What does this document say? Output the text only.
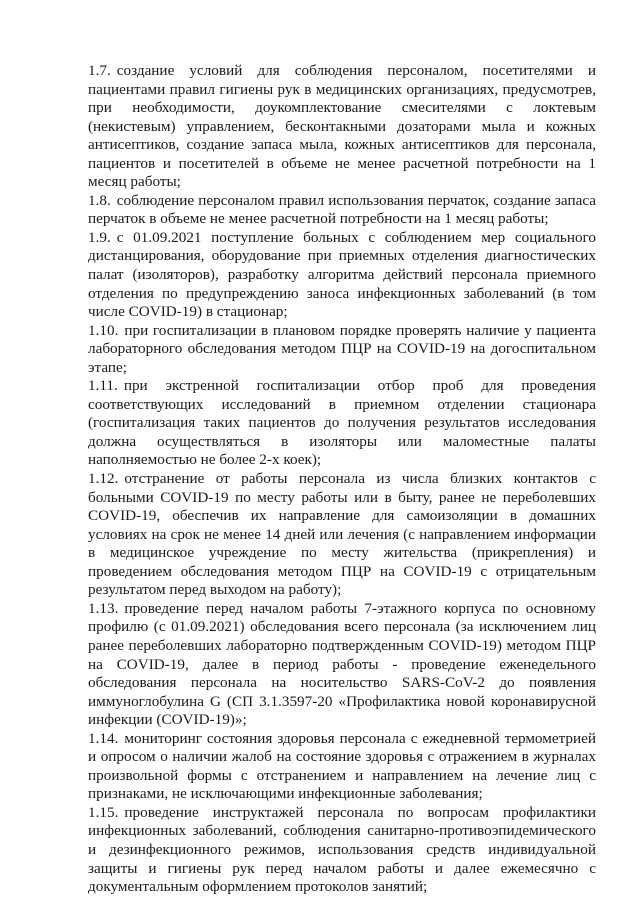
1.7. создание условий для соблюдения персоналом, посетителями и пациентами правил гигиены рук в медицинских организациях, предусмотрев, при необходимости, доукомплектование смесителями с локтевым (некистевым) управлением, бесконтакными дозаторами мыла и кожных антисептиков, создание запаса мыла, кожных антисептиков для персонала, пациентов и посетителей в объеме не менее расчетной потребности на 1 месяц работы;

1.8. соблюдение персоналом правил использования перчаток, создание запаса перчаток в объеме не менее расчетной потребности на 1 месяц работы;

1.9. с 01.09.2021 поступление больных с соблюдением мер социального дистанцирования, оборудование при приемных отделения диагностических палат (изоляторов), разработку алгоритма действий персонала приемного отделения по предупреждению заноса инфекционных заболеваний (в том числе COVID-19) в стационар;

1.10. при госпитализации в плановом порядке проверять наличие у пациента лабораторного обследования методом ПЦР на COVID-19 на догоспитальном этапе;

1.11. при экстренной госпитализации отбор проб для проведения соответствующих исследований в приемном отделении стационара (госпитализация таких пациентов до получения результатов исследования должна осуществляться в изоляторы или маломестные палаты наполняемостью не более 2-х коек);

1.12. отстранение от работы персонала из числа близких контактов с больными COVID-19 по месту работы или в быту, ранее не переболевших COVID-19, обеспечив их направление для самоизоляции в домашних условиях на срок не менее 14 дней или лечения (с направлением информации в медицинское учреждение по месту жительства (прикрепления) и проведением обследования методом ПЦР на COVID-19 с отрицательным результатом перед выходом на работу);

1.13. проведение перед началом работы 7-этажного корпуса по основному профилю (с 01.09.2021) обследования всего персонала (за исключением лиц ранее переболевших лабораторно подтвержденным COVID-19) методом ПЦР на COVID-19, далее в период работы - проведение еженедельного обследования персонала на носительство SARS-CoV-2 до появления иммуноглобулина G (СП 3.1.3597-20 «Профилактика новой коронавирусной инфекции (COVID-19)»;

1.14. мониторинг состояния здоровья персонала с ежедневной термометрией и опросом о наличии жалоб на состояние здоровья с отражением в журналах произвольной формы с отстранением и направлением на лечение лиц с признаками, не исключающими инфекционные заболевания;

1.15. проведение инструктажей персонала по вопросам профилактики инфекционных заболеваний, соблюдения санитарно-противоэпидемического и дезинфекционного режимов, использования средств индивидуальной защиты и гигиены рук перед началом работы и далее ежемесячно с документальным оформлением протоколов занятий;
